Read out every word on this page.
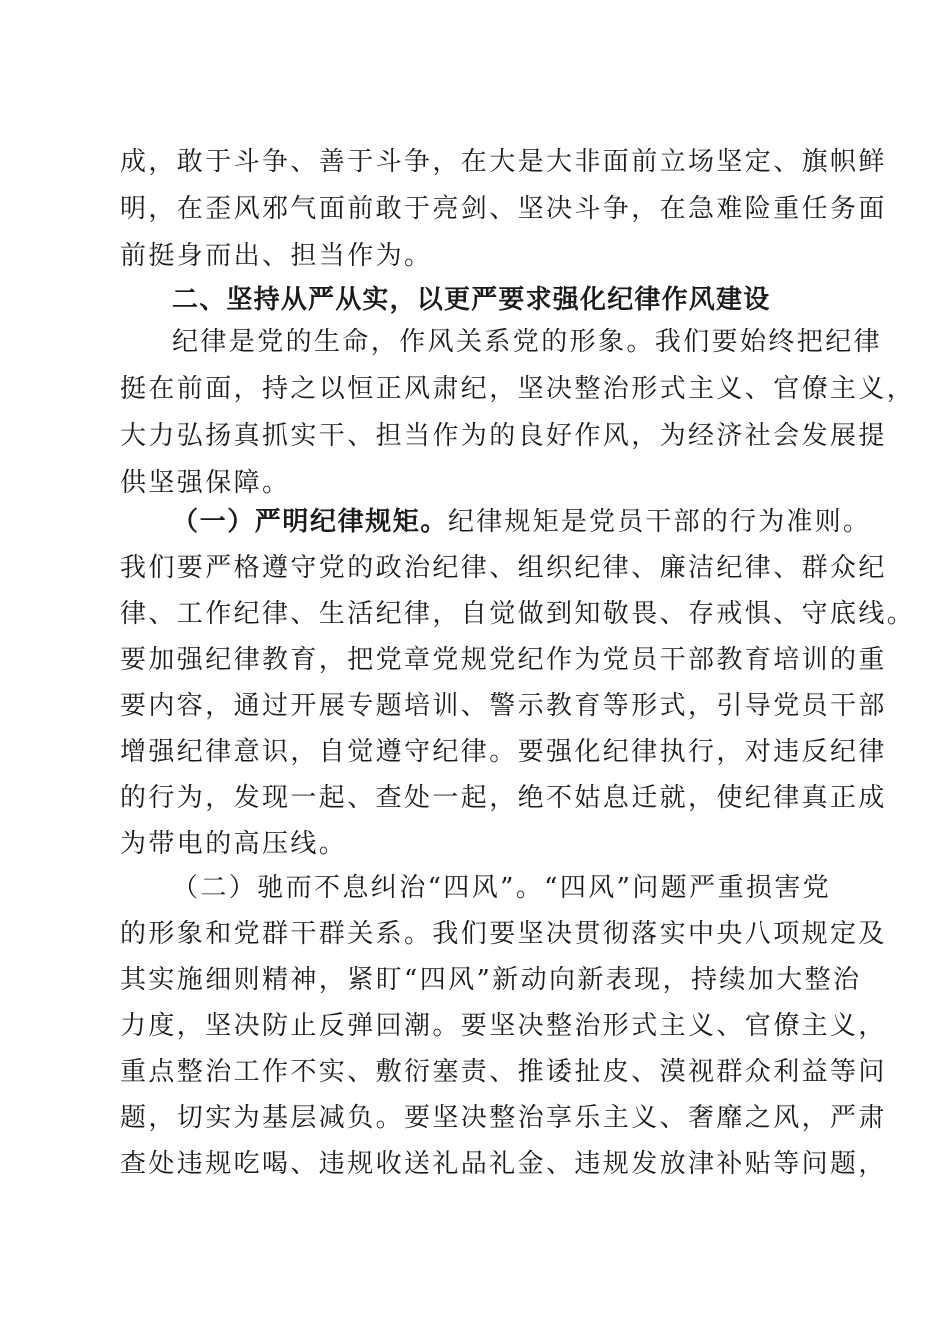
成，敢于斗争、善于斗争，在大是大非面前立场坚定、旗帜鲜
明，在歪风邪气面前敢于亮剑、坚决斗争，在急难险重任务面
前挺身而出、担当作为。
二、坚持从严从实，以更严要求强化纪律作风建设
纪律是党的生命，作风关系党的形象。我们要始终把纪律
挺在前面，持之以恒正风肃纪，坚决整治形式主义、官僚主义，
大力弘扬真抓实干、担当作为的良好作风，为经济社会发展提
供坚强保障。
（一）严明纪律规矩。纪律规矩是党员干部的行为准则。
我们要严格遵守党的政治纪律、组织纪律、廉洁纪律、群众纪
律、工作纪律、生活纪律，自觉做到知敬畏、存戒惧、守底线。
要加强纪律教育，把党章党规党纪作为党员干部教育培训的重
要内容，通过开展专题培训、警示教育等形式，引导党员干部
增强纪律意识，自觉遵守纪律。要强化纪律执行，对违反纪律
的行为，发现一起、查处一起，绝不姑息迁就，使纪律真正成
为带电的高压线。
（二）驰而不息纠治“四风”。“四风”问题严重损害党
的形象和党群干群关系。我们要坚决贯彻落实中央八项规定及
其实施细则精神，紧盯“四风”新动向新表现，持续加大整治
力度，坚决防止反弹回潮。要坚决整治形式主义、官僚主义，
重点整治工作不实、敷衍塞责、推诿扯皮、漠视群众利益等问
题，切实为基层减负。要坚决整治享乐主义、奢靡之风，严肃
查处违规吃喝、违规收送礼品礼金、违规发放津补贴等问题，
